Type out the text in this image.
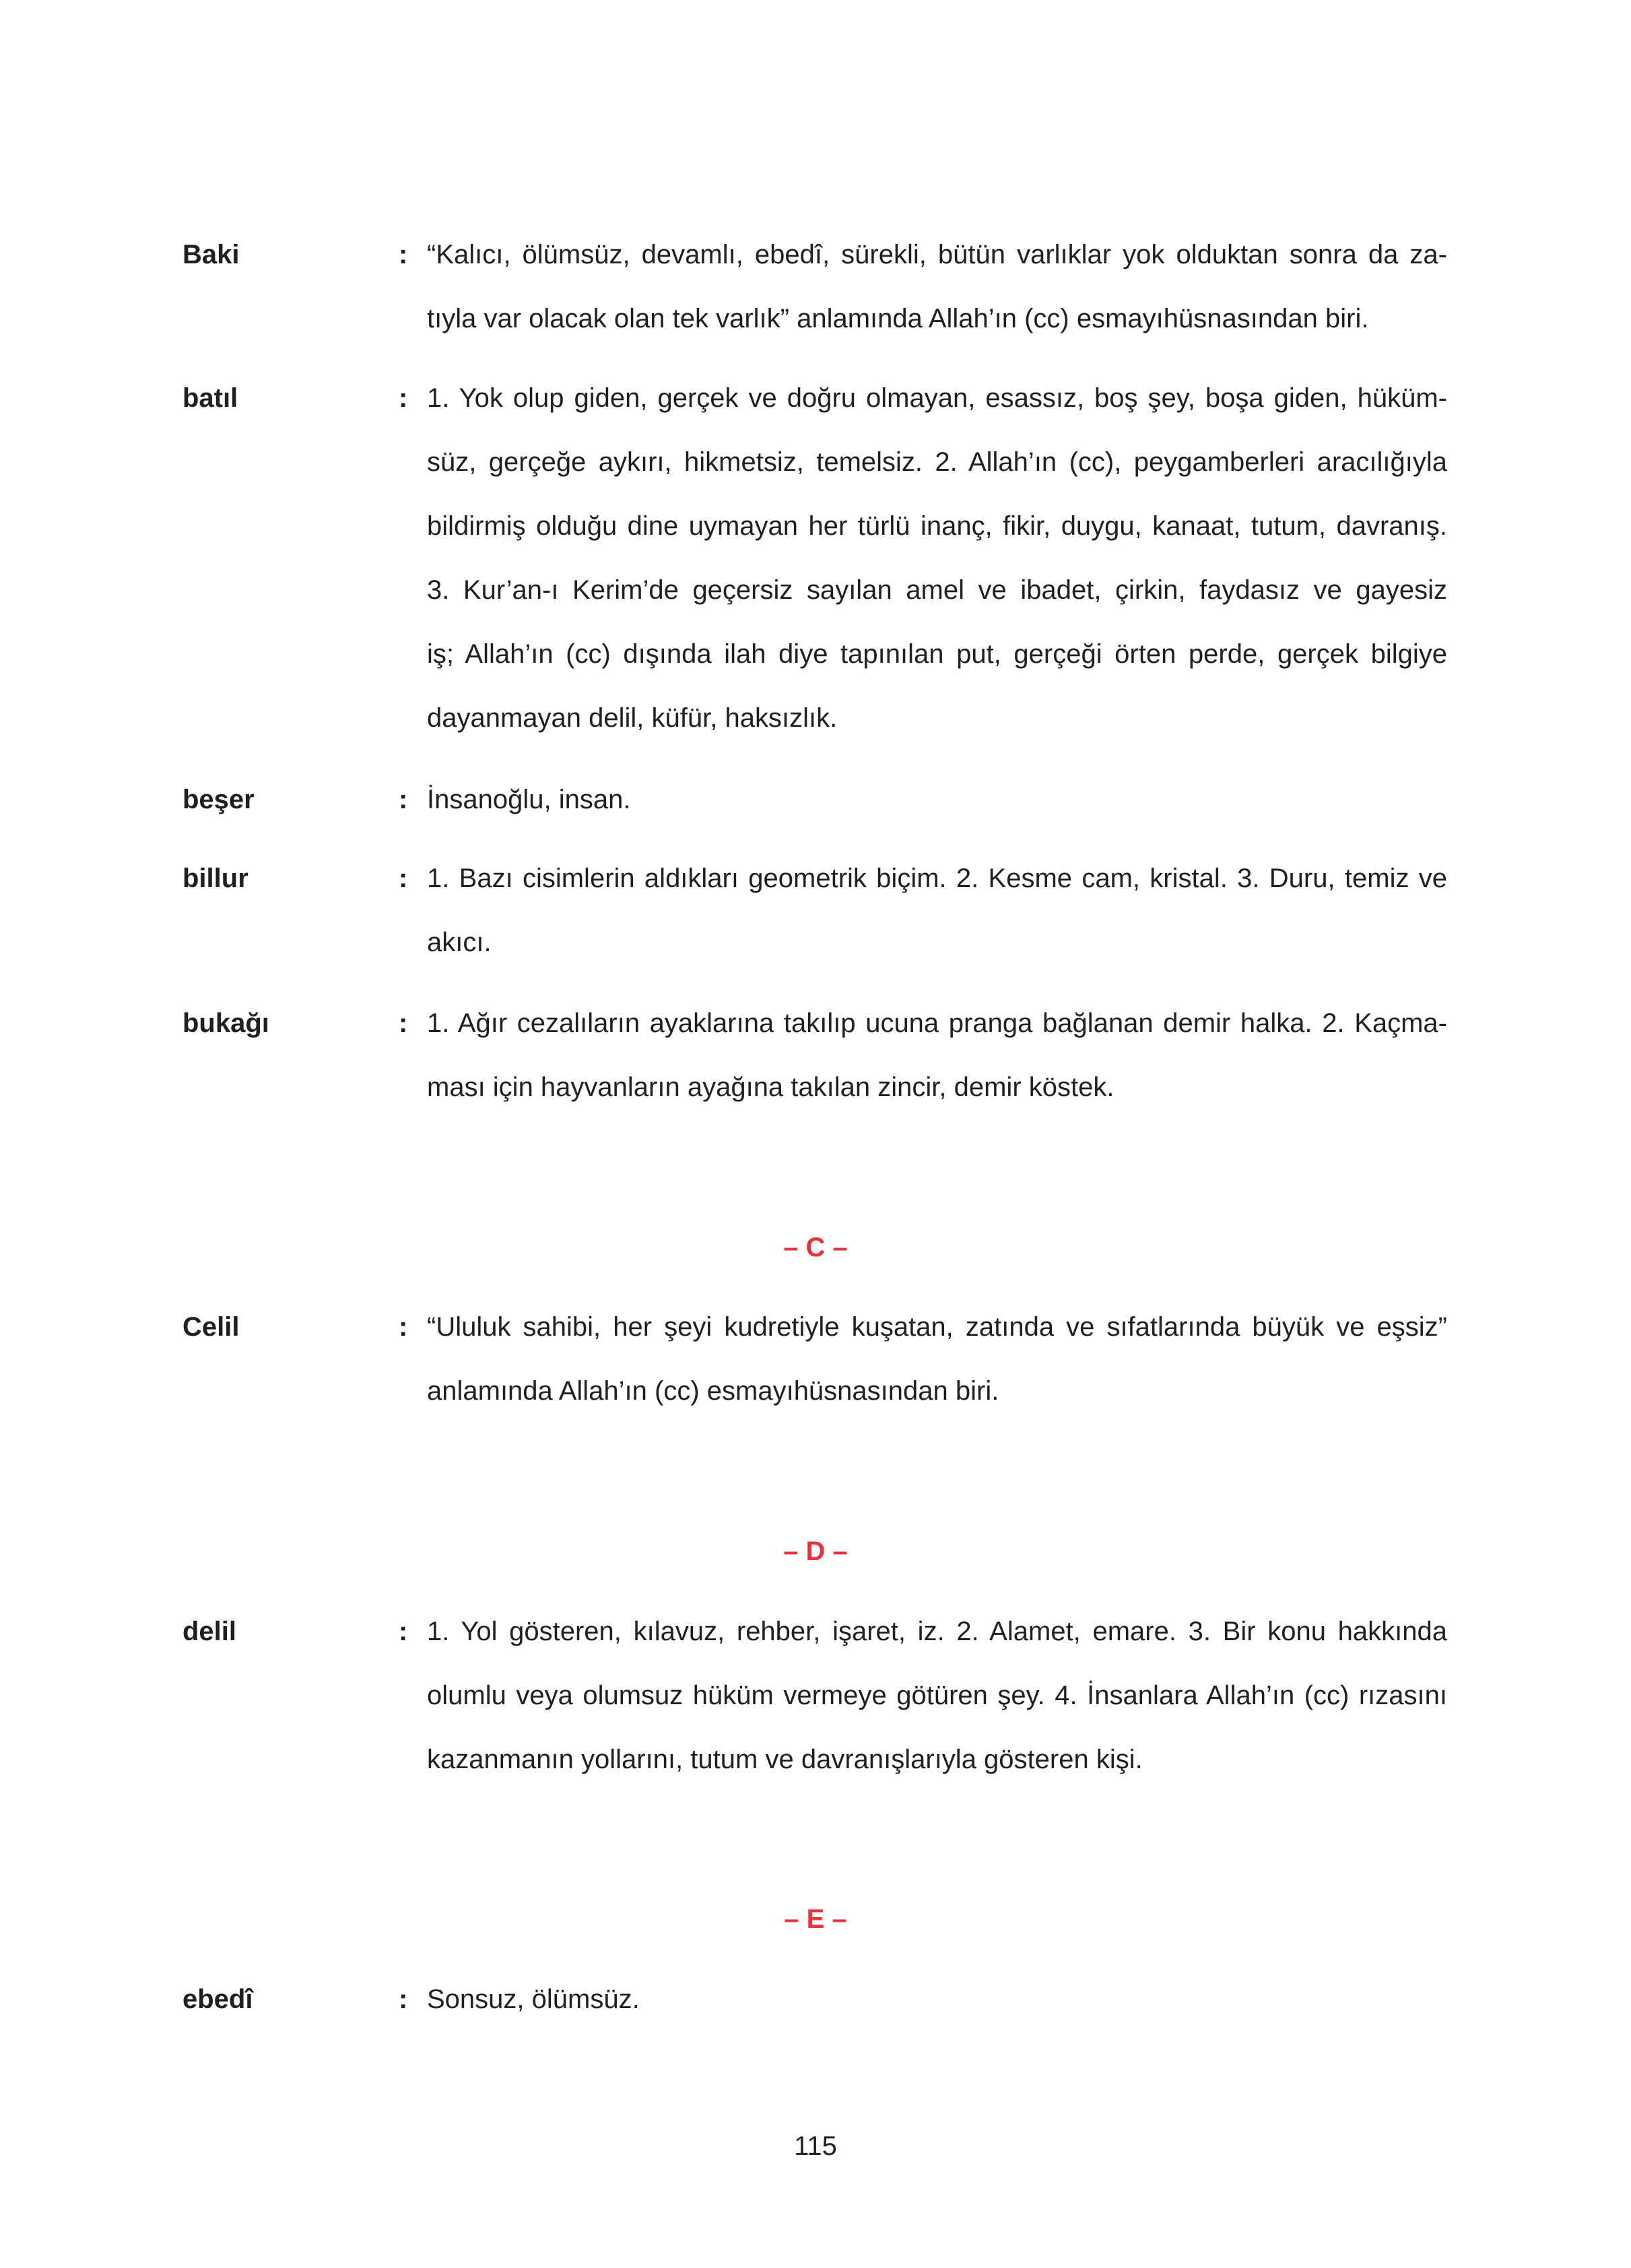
Baki	: “Kalıcı, ölümsüz, devamlı, ebedî, sürekli, bütün varlıklar yok olduktan sonra da za-
tıyla var olacak olan tek varlık” anlamında Allah’ın (cc) esmayıhüsnasından biri.
batıl	: 1. Yok olup giden, gerçek ve doğru olmayan, esassız, boş şey, boşa giden, hüküm-
süz, gerçeğe aykırı, hikmetsiz, temelsiz. 2. Allah’ın (cc), peygamberleri aracılığıyla
bildirmiş olduğu dine uymayan her türlü inanç, fikir, duygu, kanaat, tutum, davranış.
3. Kur’an-ı Kerim’de geçersiz sayılan amel ve ibadet, çirkin, faydasız ve gayesiz
iş; Allah’ın (cc) dışında ilah diye tapınılan put, gerçeği örten perde, gerçek bilgiye
dayanmayan delil, küfür, haksızlık.
beşer	: İnsanoğlu, insan.
billur	: 1. Bazı cisimlerin aldıkları geometrik biçim. 2. Kesme cam, kristal. 3. Duru, temiz ve
akıcı.
bukağı	: 1. Ağır cezalıların ayaklarına takılıp ucuna pranga bağlanan demir halka. 2. Kaçma-
ması için hayvanların ayağına takılan zincir, demir köstek.
– C –
Celil	: “Ululuk sahibi, her şeyi kudretiyle kuşatan, zatında ve sıfatlarında büyük ve eşsiz”
anlamında Allah’ın (cc) esmayıhüsnasından biri.
– D –
delil	: 1. Yol gösteren, kılavuz, rehber, işaret, iz. 2. Alamet, emare. 3. Bir konu hakkında
olumlu veya olumsuz hüküm vermeye götüren şey. 4. İnsanlara Allah’ın (cc) rızasını
kazanmanın yollarını, tutum ve davranışlarıyla gösteren kişi.
– E –
ebedî	: Sonsuz, ölümsüz.
115
